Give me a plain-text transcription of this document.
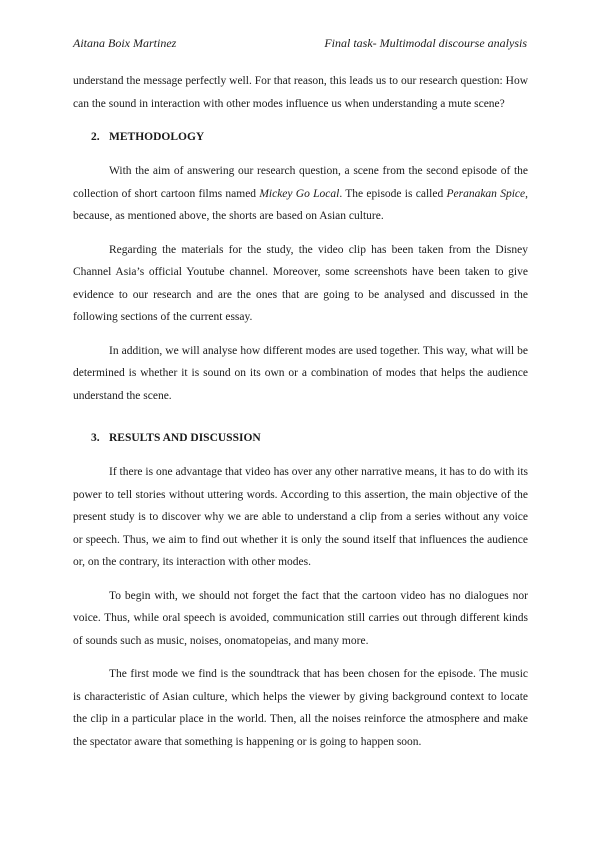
Aitana Boix Martinez	Final task- Multimodal discourse analysis

understand the message perfectly well. For that reason, this leads us to our research question: How can the sound in interaction with other modes influence us when understanding a mute scene?

2. METHODOLOGY

With the aim of answering our research question, a scene from the second episode of the collection of short cartoon films named Mickey Go Local. The episode is called Peranakan Spice, because, as mentioned above, the shorts are based on Asian culture.

Regarding the materials for the study, the video clip has been taken from the Disney Channel Asia’s official Youtube channel. Moreover, some screenshots have been taken to give evidence to our research and are the ones that are going to be analysed and discussed in the following sections of the current essay.

In addition, we will analyse how different modes are used together. This way, what will be determined is whether it is sound on its own or a combination of modes that helps the audience understand the scene.

3. RESULTS AND DISCUSSION

If there is one advantage that video has over any other narrative means, it has to do with its power to tell stories without uttering words. According to this assertion, the main objective of the present study is to discover why we are able to understand a clip from a series without any voice or speech. Thus, we aim to find out whether it is only the sound itself that influences the audience or, on the contrary, its interaction with other modes.

To begin with, we should not forget the fact that the cartoon video has no dialogues nor voice. Thus, while oral speech is avoided, communication still carries out through different kinds of sounds such as music, noises, onomatopeias, and many more.

The first mode we find is the soundtrack that has been chosen for the episode. The music is characteristic of Asian culture, which helps the viewer by giving background context to locate the clip in a particular place in the world. Then, all the noises reinforce the atmosphere and make the spectator aware that something is happening or is going to happen soon.
